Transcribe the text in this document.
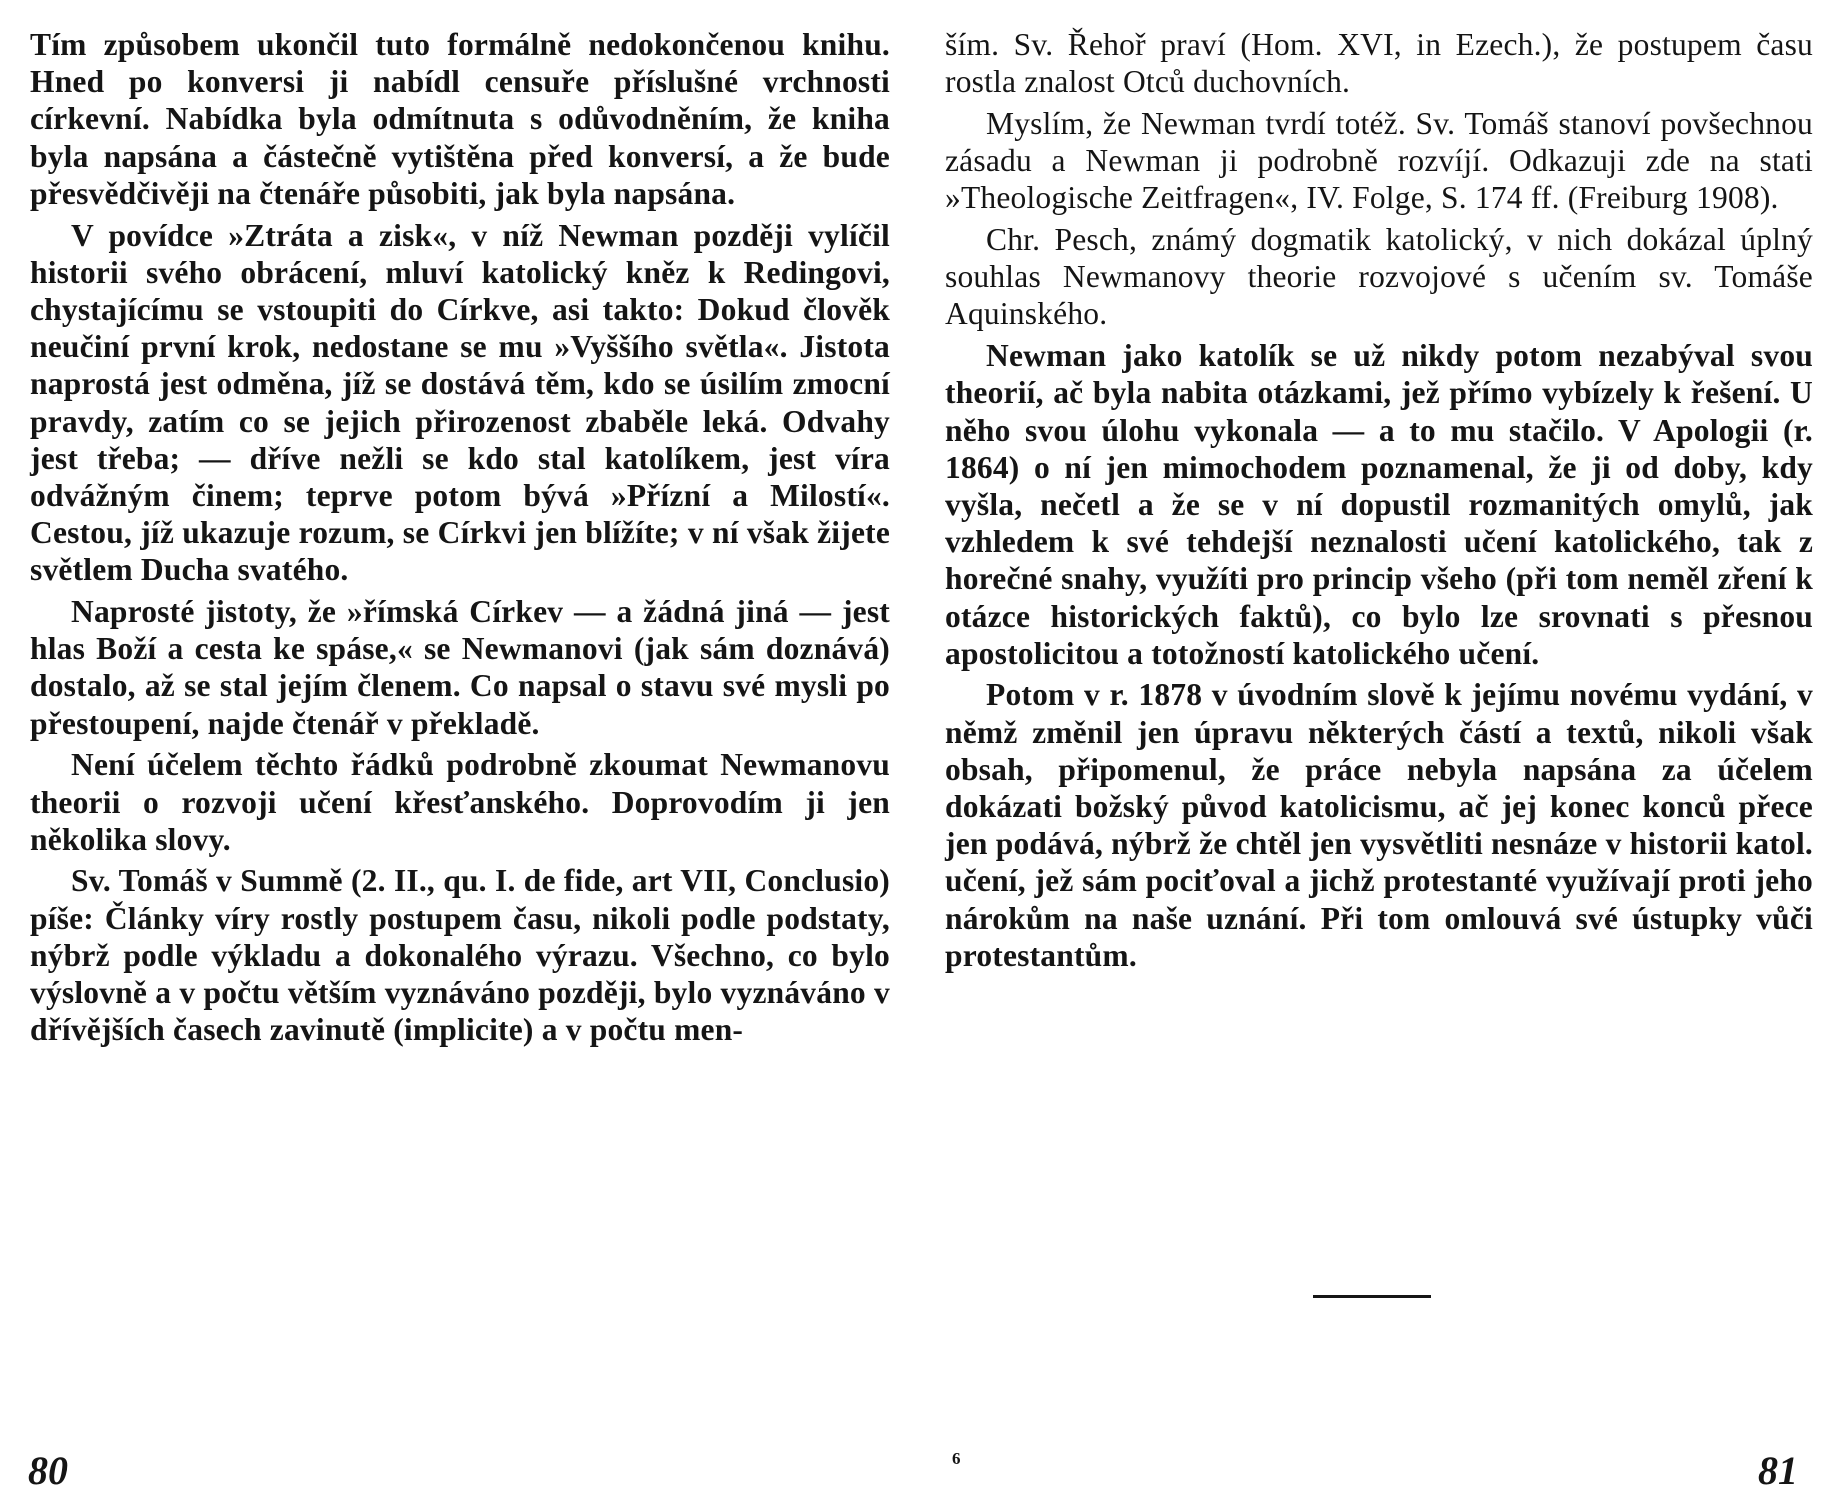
Tím způsobem ukončil tuto formálně nedokončenou knihu. Hned po konversi ji nabídl censuře příslušné vrchnosti církevní. Nabídka byla odmítnuta s odůvodněním, že kniha byla napsána a částečně vytištěna před konversí, a že bude přesvědčivěji na čtenáře působiti, jak byla napsána.

V povídce »Ztráta a zisk«, v níž Newman později vylíčil historii svého obrácení, mluví katolický kněz k Redingovi, chystajícímu se vstoupiti do Církve, asi takto: Dokud člověk neučiní první krok, nedostane se mu »Vyššího světla«. Jistota naprostá jest odměna, jíž se dostává těm, kdo se úsilím zmocní pravdy, zatím co se jejich přirozenost zbaběle leká. Odvahy jest třeba; — dříve nežli se kdo stal katolíkem, jest víra odvážným činem; teprve potom bývá »Přízní a Milostí«. Cestou, jíž ukazuje rozum, se Církvi jen blížíte; v ní však žijete světlem Ducha svatého.

Naprosté jistoty, že »římská Církev — a žádná jiná — jest hlas Boží a cesta ke spáse,« se Newmanovi (jak sám doznává) dostalo, až se stal jejím členem. Co napsal o stavu své mysli po přestoupení, najde čtenář v překladě.

Není účelem těchto řádků podrobně zkoumat Newmanovu theorii o rozvoji učení křesťanského. Doprovodím ji jen několika slovy.

Sv. Tomáš v Summě (2. II., qu. I. de fide, art VII, Conclusio) píše: Články víry rostly postupem času, nikoli podle podstaty, nýbrž podle výkladu a dokonalého výrazu. Všechno, co bylo výslovně a v počtu větším vyznáváno později, bylo vyznáváno v dřívějších časech zavinutě (implicite) a v počtu men-

ším. Sv. Řehoř praví (Hom. XVI, in Ezech.), že postupem času rostla znalost Otců duchovních.

Myslím, že Newman tvrdí totéž. Sv. Tomáš stanoví povšechnou zásadu a Newman ji podrobně rozvíjí. Odkazuji zde na stati »Theologische Zeitfragen«, IV. Folge, S. 174 ff. (Freiburg 1908).

Chr. Pesch, známý dogmatik katolický, v nich dokázal úplný souhlas Newmanovy theorie rozvojové s učením sv. Tomáše Aquinského.

Newman jako katolík se už nikdy potom nezabýval svou theorií, ač byla nabita otázkami, jež přímo vybízely k řešení. U něho svou úlohu vykonala — a to mu stačilo. V Apologii (r. 1864) o ní jen mimochodem poznamenal, že ji od doby, kdy vyšla, nečetl a že se v ní dopustil rozmanitých omylů, jak vzhledem k své tehdejší neznalosti učení katolického, tak z horečné snahy, využíti pro princip všeho (při tom neměl zření k otázce historických faktů), co bylo lze srovnati s přesnou apostolicitou a totožností katolického učení.

Potom v r. 1878 v úvodním slově k jejímu novému vydání, v němž změnil jen úpravu některých částí a textů, nikoli však obsah, připomenul, že práce nebyla napsána za účelem dokázati božský původ katolicismu, ač jej konec konců přece jen podává, nýbrž že chtěl jen vysvětliti nesnáze v historii katol. učení, jež sám pociťoval a jichž protestanté využívají proti jeho nárokům na naše uznání. Při tom omlouvá své ústupky vůči protestantům.

80	6	81
